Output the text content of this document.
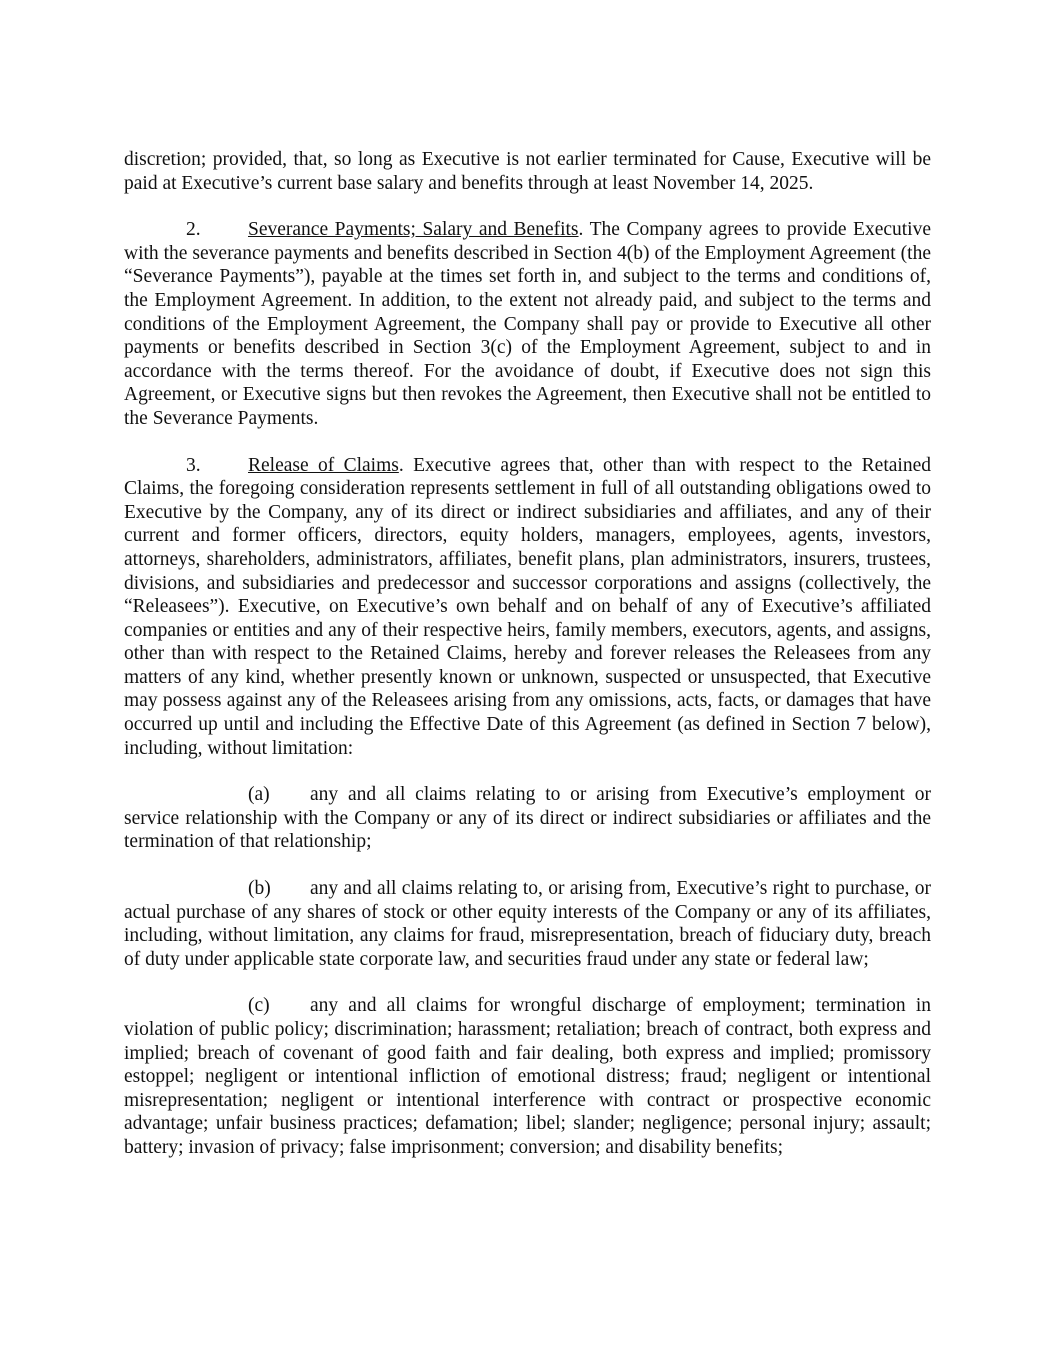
discretion; provided, that, so long as Executive is not earlier terminated for Cause, Executive will be paid at Executive’s current base salary and benefits through at least November 14, 2025.

2. Severance Payments; Salary and Benefits. The Company agrees to provide Executive with the severance payments and benefits described in Section 4(b) of the Employment Agreement (the “Severance Payments”), payable at the times set forth in, and subject to the terms and conditions of, the Employment Agreement. In addition, to the extent not already paid, and subject to the terms and conditions of the Employment Agreement, the Company shall pay or provide to Executive all other payments or benefits described in Section 3(c) of the Employment Agreement, subject to and in accordance with the terms thereof. For the avoidance of doubt, if Executive does not sign this Agreement, or Executive signs but then revokes the Agreement, then Executive shall not be entitled to the Severance Payments.

3. Release of Claims. Executive agrees that, other than with respect to the Retained Claims, the foregoing consideration represents settlement in full of all outstanding obligations owed to Executive by the Company, any of its direct or indirect subsidiaries and affiliates, and any of their current and former officers, directors, equity holders, managers, employees, agents, investors, attorneys, shareholders, administrators, affiliates, benefit plans, plan administrators, insurers, trustees, divisions, and subsidiaries and predecessor and successor corporations and assigns (collectively, the “Releasees”). Executive, on Executive’s own behalf and on behalf of any of Executive’s affiliated companies or entities and any of their respective heirs, family members, executors, agents, and assigns, other than with respect to the Retained Claims, hereby and forever releases the Releasees from any matters of any kind, whether presently known or unknown, suspected or unsuspected, that Executive may possess against any of the Releasees arising from any omissions, acts, facts, or damages that have occurred up until and including the Effective Date of this Agreement (as defined in Section 7 below), including, without limitation:

(a) any and all claims relating to or arising from Executive’s employment or service relationship with the Company or any of its direct or indirect subsidiaries or affiliates and the termination of that relationship;

(b) any and all claims relating to, or arising from, Executive’s right to purchase, or actual purchase of any shares of stock or other equity interests of the Company or any of its affiliates, including, without limitation, any claims for fraud, misrepresentation, breach of fiduciary duty, breach of duty under applicable state corporate law, and securities fraud under any state or federal law;

(c) any and all claims for wrongful discharge of employment; termination in violation of public policy; discrimination; harassment; retaliation; breach of contract, both express and implied; breach of covenant of good faith and fair dealing, both express and implied; promissory estoppel; negligent or intentional infliction of emotional distress; fraud; negligent or intentional misrepresentation; negligent or intentional interference with contract or prospective economic advantage; unfair business practices; defamation; libel; slander; negligence; personal injury; assault; battery; invasion of privacy; false imprisonment; conversion; and disability benefits;
